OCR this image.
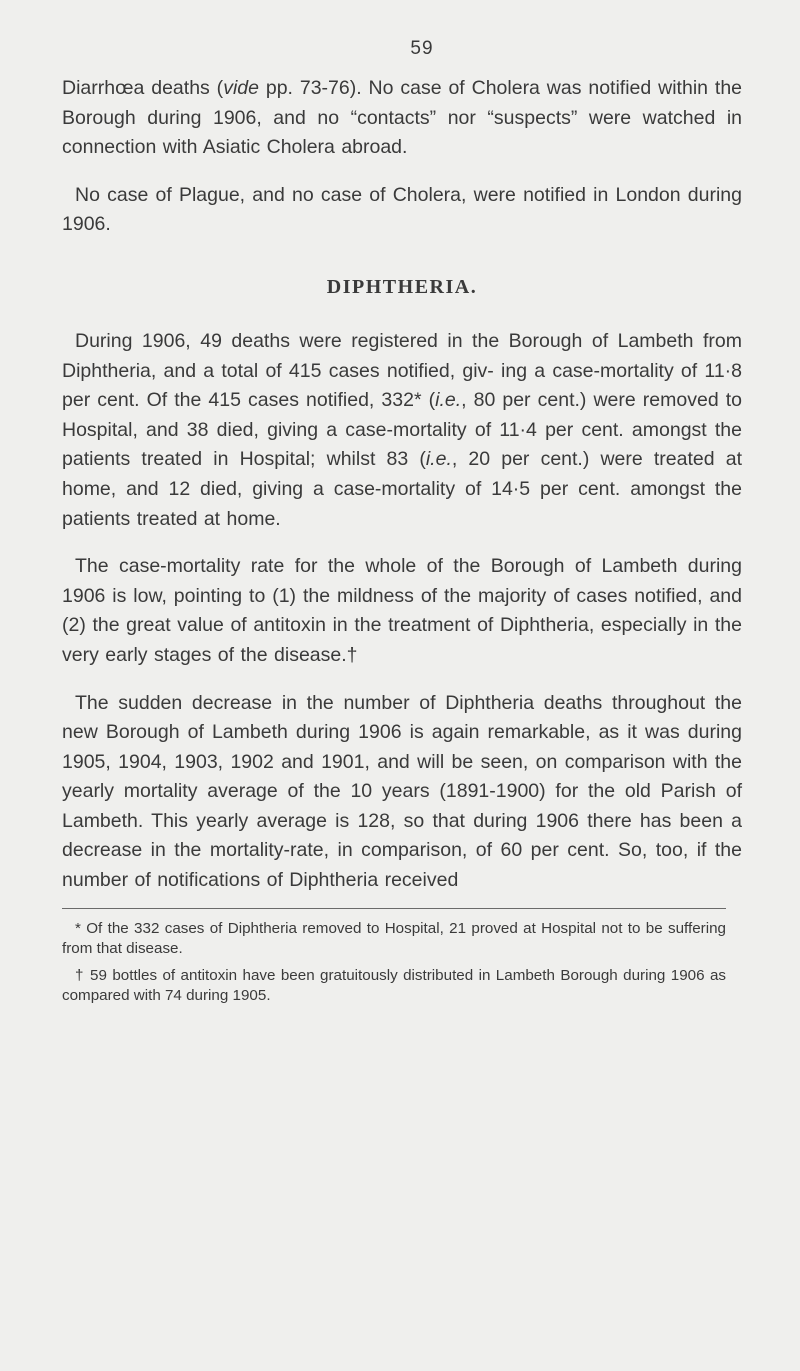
59

Diarrhœa deaths (vide pp. 73-76). No case of Cholera was notified within the Borough during 1906, and no “contacts” nor “suspects” were watched in connection with Asiatic Cholera abroad.

No case of Plague, and no case of Cholera, were notified in London during 1906.

DIPHTHERIA.

During 1906, 49 deaths were registered in the Borough of Lambeth from Diphtheria, and a total of 415 cases notified, giv- ing a case-mortality of 11·8 per cent. Of the 415 cases notified, 332* (i.e., 80 per cent.) were removed to Hospital, and 38 died, giving a case-mortality of 11·4 per cent. amongst the patients treated in Hospital; whilst 83 (i.e., 20 per cent.) were treated at home, and 12 died, giving a case-mortality of 14·5 per cent. amongst the patients treated at home.

The case-mortality rate for the whole of the Borough of Lambeth during 1906 is low, pointing to (1) the mildness of the majority of cases notified, and (2) the great value of antitoxin in the treatment of Diphtheria, especially in the very early stages of the disease.†

The sudden decrease in the number of Diphtheria deaths throughout the new Borough of Lambeth during 1906 is again remarkable, as it was during 1905, 1904, 1903, 1902 and 1901, and will be seen, on comparison with the yearly mortality average of the 10 years (1891-1900) for the old Parish of Lambeth. This yearly average is 128, so that during 1906 there has been a decrease in the mortality-rate, in comparison, of 60 per cent. So, too, if the number of notifications of Diphtheria received

* Of the 332 cases of Diphtheria removed to Hospital, 21 proved at Hospital not to be suffering from that disease.

† 59 bottles of antitoxin have been gratuitously distributed in Lambeth Borough during 1906 as compared with 74 during 1905.
